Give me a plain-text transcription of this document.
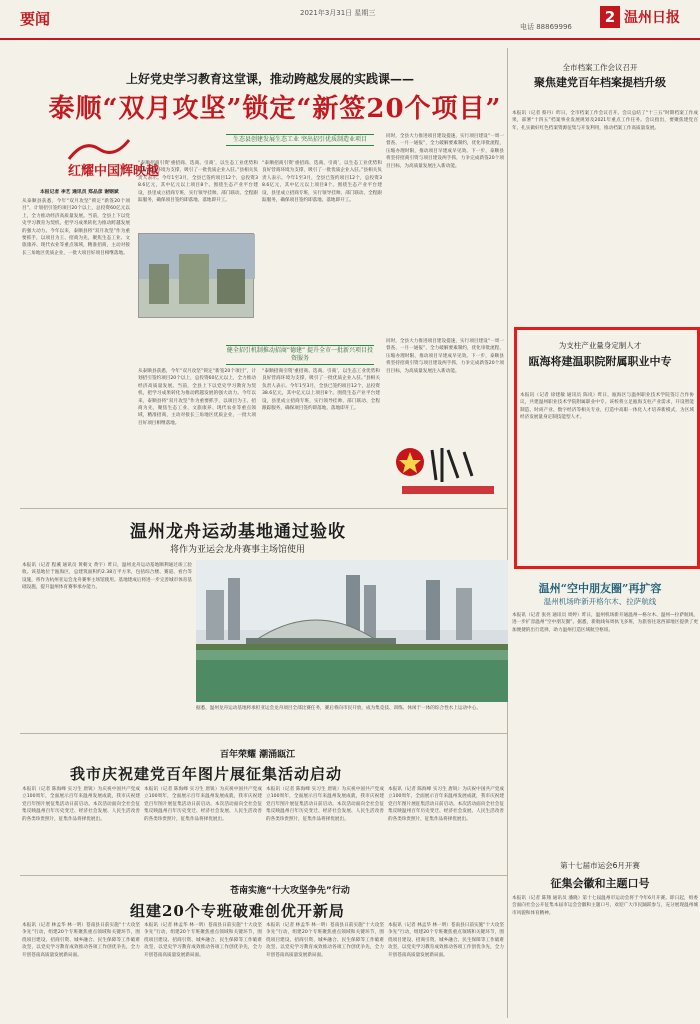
要闻	2021年3月31日 星期三
电话 88869996
2 温州日报
上好党史学习教育这堂课，推动跨越发展的实践课——
泰顺“双月攻坚”锁定“新签20个项目”
红耀中国辉映越
本报记者 李艺 通讯员 郑品彦 谢钢斌
从泰顺县获悉，今年“双月攻坚”锁定“新签20个项目”，计划招引签约项目20个以上，总投资60亿元以上，全力推动经济高质量发展。当前，全县上下以党史学习教育为契机，把学习成果转化为推动跨越发展的强大动力。今年以来，泰顺县将“双月攻坚”作为重要抓手，以项目为王、招商为先，聚焦生态工业、文旅康养、现代农业等重点领域，精准招商，主动对接长三角地区优质企业，一批大项目好项目相继落地。
生态县创建发展生态工业 突出招引优质制造业项目
“泰顺招商引资‘重招商、选商、引商’，以生态工业优势和良好营商环境为支撑，吸引了一批优质企业入驻。”县相关负责人表示。今年1至3月，全县已签约项目12个，总投资38.6亿元，其中亿元以上项目8个。围绕生态产业平台建设，县里成立招商专班，实行领导挂帅、部门联动、全程跟踪服务，确保项目签约即落地、落地即开工。
“泰顺招商引资‘重招商、选商、引商’，以生态工业优势和良好营商环境为支撑，吸引了一批优质企业入驻。”县相关负责人表示。今年1至3月，全县已签约项目12个，总投资38.6亿元，其中亿元以上项目8个。围绕生态产业平台建设，县里成立招商专班，实行领导挂帅、部门联动、全程跟踪服务，确保项目签约即落地、落地即开工。
同时，全县大力推进项目建设提速，实行项目建设“一周一督查、一月一通报”，全力破解要素制约，优化审批流程，压缩办理时限，推动项目早建成早见效。下一步，泰顺县将坚持招商引资与项目建设两手抓，力争完成新签20个项目目标，为高质量发展注入新动能。
健全招引机制推动招商“德建” 提升全市一批新兴项目投资服务
从泰顺县获悉，今年“双月攻坚”锁定“新签20个项目”，计划招引签约项目20个以上，总投资60亿元以上，全力推动经济高质量发展。当前，全县上下以党史学习教育为契机，把学习成果转化为推动跨越发展的强大动力。今年以来，泰顺县将“双月攻坚”作为重要抓手，以项目为王、招商为先，聚焦生态工业、文旅康养、现代农业等重点领域，精准招商，主动对接长三角地区优质企业，一批大项目好项目相继落地。
“泰顺招商引资‘重招商、选商、引商’，以生态工业优势和良好营商环境为支撑，吸引了一批优质企业入驻。”县相关负责人表示。今年1至3月，全县已签约项目12个，总投资38.6亿元，其中亿元以上项目8个。围绕生态产业平台建设，县里成立招商专班，实行领导挂帅、部门联动、全程跟踪服务，确保项目签约即落地、落地即开工。
同时，全县大力推进项目建设提速，实行项目建设“一周一督查、一月一通报”，全力破解要素制约，优化审批流程，压缩办理时限，推动项目早建成早见效。下一步，泰顺县将坚持招商引资与项目建设两手抓，力争完成新签20个项目目标，为高质量发展注入新动能。
全市档案工作会议召开
聚焦建党百年档案提档升级
本报讯（记者 蔡丹）昨日，全市档案工作会议召开。会议总结了“十三五”时期档案工作成果，部署“十四五”档案事业发展规划及2021年重点工作任务。会议指出，要聚焦建党百年，扎实做好红色档案资源征集与开发利用，推动档案工作高质量发展。
为支柱产业量身定制人才
瓯海将建温职院附属职业中专
本报讯（记者 徐建敏 通讯员 陈岚）昨日，瓯海区与温州职业技术学院签订合作协议，共建温州职业技术学院附属职业中专。该校将立足瓯海支柱产业需求，开设智能制造、时尚产业、数字经济等相关专业，打造中高职一体化人才培养新模式，为区域经济发展量身定制技能型人才。
温州“空中朋友圈”再扩容
温州机场昨新开格尔木、拉萨航线
本报讯（记者 张亮 通讯员 周婷）昨日，温州机场新开通温州—格尔木、温州—拉萨航线，进一步扩容温州“空中朋友圈”。据悉，新航线每周执飞多班，为旅客往返西部地区提供了更加便捷的出行选择，助力温州打造区域航空枢纽。
第十七届市运会6月开赛
征集会徽和主题口号
本报讯（记者 陈翔 通讯员 潘晓）第十七届温州市运动会将于今年6月开赛。即日起，组委会面向社会公开征集本届市运会会徽和主题口号，欢迎广大市民踊跃参与，充分展现温州城市风貌和体育精神。
温州龙舟运动基地通过验收
将作为亚运会龙舟赛事主场馆使用
本报讯（记者 程溪 通讯员 黄朝文 黄宇）昨日，温州龙舟运动基地顺利通过竣工验收。该基地位于瓯海区，总建筑面积约2.38万平方米，包括综合楼、赛道、看台等设施，将作为杭州亚运会龙舟赛事主场馆使用。基地建成后将进一步完善城市体育基础设施，提升温州体育赛事承办能力。
据悉，温州龙舟运动基地将承担亚运会龙舟项目全部比赛任务，赛后将向市民开放，成为集竞技、训练、休闲于一体的综合性水上运动中心。
百年荣耀 潮涌瓯江
我市庆祝建党百年图片展征集活动启动
本报讯（记者 陈海峰 实习生 唐锐）为庆祝中国共产党成立100周年，全面展示百年来温州发展成就，我市庆祝建党百年图片展征集活动日前启动。本次活动面向全社会征集反映温州百年历史变迁、经济社会发展、人民生活改善的各类珍贵照片，征集作品将择优展出。
本报讯（记者 陈海峰 实习生 唐锐）为庆祝中国共产党成立100周年，全面展示百年来温州发展成就，我市庆祝建党百年图片展征集活动日前启动。本次活动面向全社会征集反映温州百年历史变迁、经济社会发展、人民生活改善的各类珍贵照片，征集作品将择优展出。
本报讯（记者 陈海峰 实习生 唐锐）为庆祝中国共产党成立100周年，全面展示百年来温州发展成就，我市庆祝建党百年图片展征集活动日前启动。本次活动面向全社会征集反映温州百年历史变迁、经济社会发展、人民生活改善的各类珍贵照片，征集作品将择优展出。
本报讯（记者 陈海峰 实习生 唐锐）为庆祝中国共产党成立100周年，全面展示百年来温州发展成就，我市庆祝建党百年图片展征集活动日前启动。本次活动面向全社会征集反映温州百年历史变迁、经济社会发展、人民生活改善的各类珍贵照片，征集作品将择优展出。
苍南实施“十大攻坚争先”行动
组建20个专班破难创优开新局
本报讯（记者 林孟华 林一明）苍南县日前实施“十大攻坚争先”行动，组建20个专班聚焦重点领域和关键环节，围绕项目建设、招商引资、城乡融合、民生保障等工作破难攻坚，以党史学习教育成效推动各项工作创优争先，全力开创苍南高质量发展新局面。
本报讯（记者 林孟华 林一明）苍南县日前实施“十大攻坚争先”行动，组建20个专班聚焦重点领域和关键环节，围绕项目建设、招商引资、城乡融合、民生保障等工作破难攻坚，以党史学习教育成效推动各项工作创优争先，全力开创苍南高质量发展新局面。
本报讯（记者 林孟华 林一明）苍南县日前实施“十大攻坚争先”行动，组建20个专班聚焦重点领域和关键环节，围绕项目建设、招商引资、城乡融合、民生保障等工作破难攻坚，以党史学习教育成效推动各项工作创优争先，全力开创苍南高质量发展新局面。
本报讯（记者 林孟华 林一明）苍南县日前实施“十大攻坚争先”行动，组建20个专班聚焦重点领域和关键环节，围绕项目建设、招商引资、城乡融合、民生保障等工作破难攻坚，以党史学习教育成效推动各项工作创优争先，全力开创苍南高质量发展新局面。
